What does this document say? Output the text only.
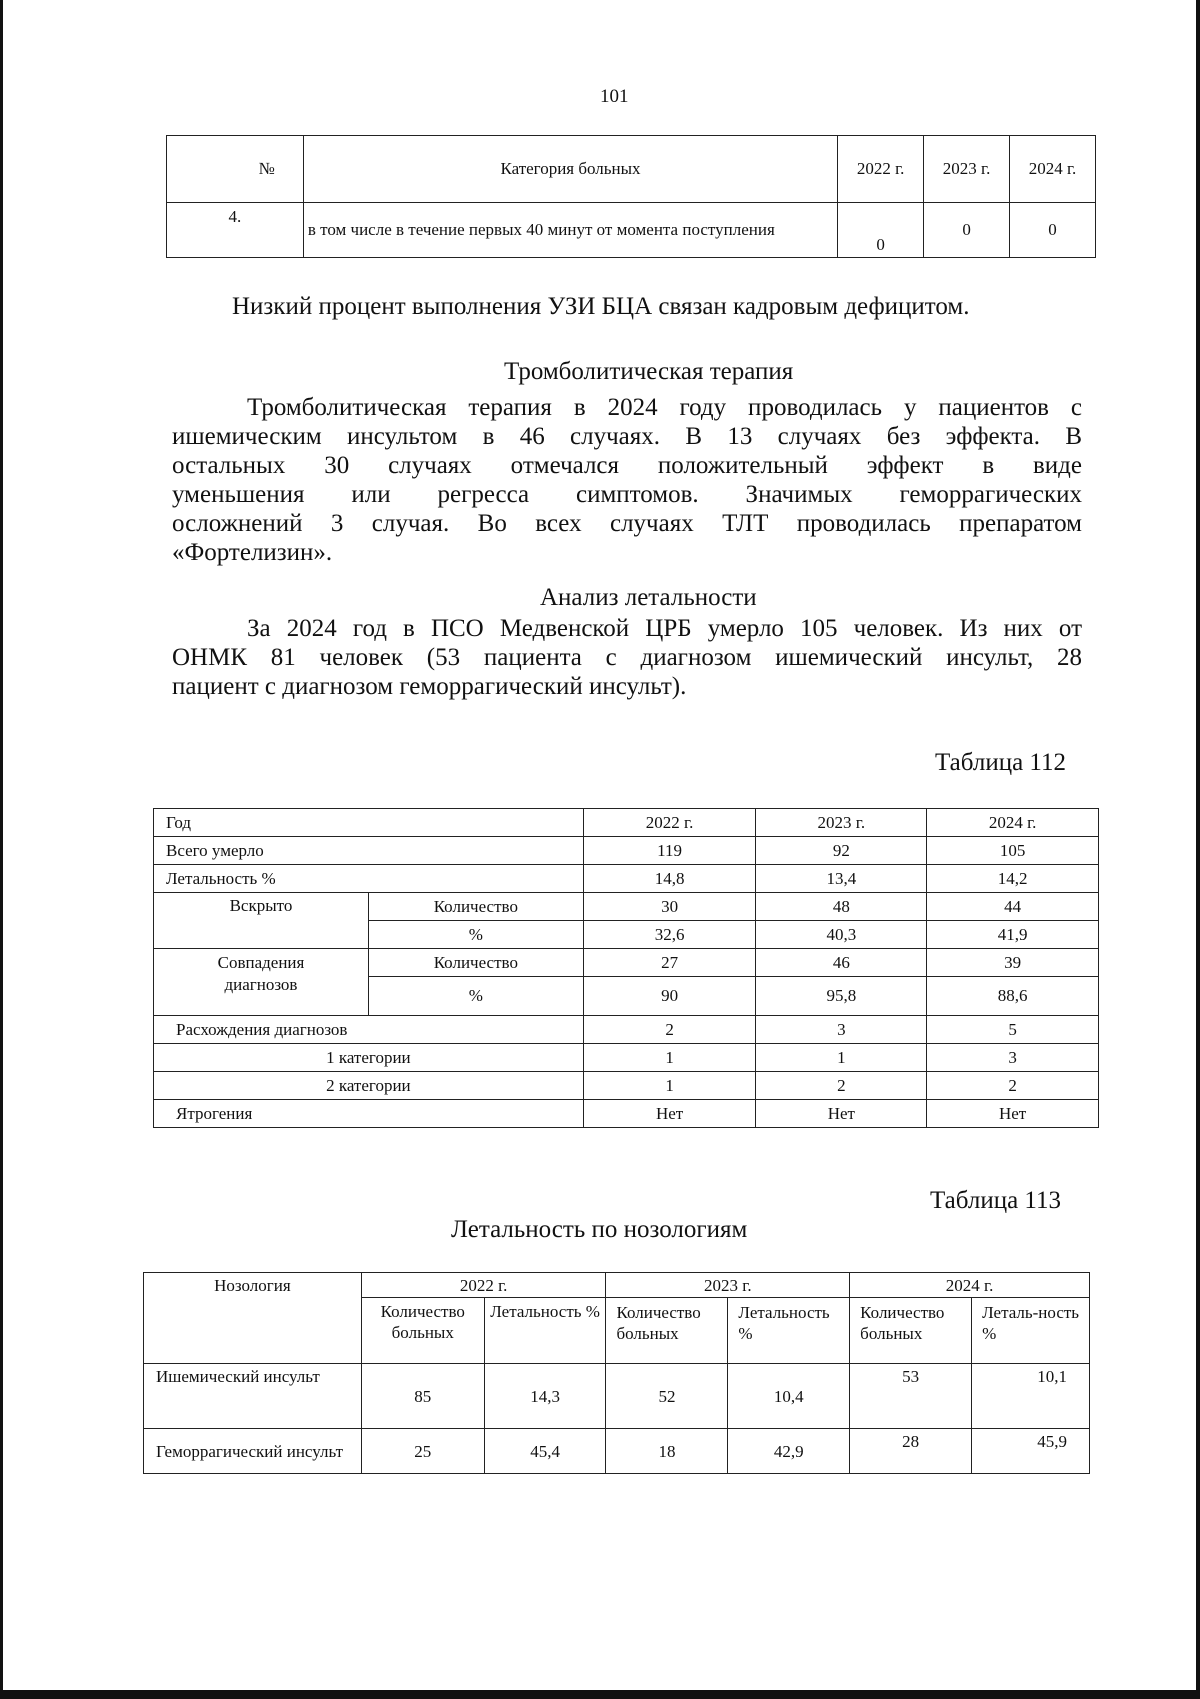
101
№	Категория больных	2022 г.	2023 г.	2024 г.
4.	в том числе в течение первых 40 минут от момента поступления	0	0	0
Низкий процент выполнения УЗИ БЦА связан кадровым дефицитом.
Тромболитическая терапия
Тромболитическая терапия в 2024 году проводилась у пациентов с
ишемическим инсультом в 46 случаях. В 13 случаях без эффекта. В
остальных 30 случаях отмечался положительный эффект в виде
уменьшения или регресса симптомов. Значимых геморрагических
осложнений 3 случая. Во всех случаях ТЛТ проводилась препаратом
«Фортелизин».
Анализ летальности
За 2024 год в ПСО Медвенской ЦРБ умерло 105 человек. Из них от
ОНМК 81 человек (53 пациента с диагнозом ишемический инсульт, 28
пациент с диагнозом геморрагический инсульт).
Таблица 112
Год		2022 г.	2023 г.	2024 г.
Всего умерло		119	92	105
Летальность %		14,8	13,4	14,2
Вскрыто	Количество	30	48	44
	%	32,6	40,3	41,9
Совпадения диагнозов	Количество	27	46	39
	%	90	95,8	88,6
Расхождения диагнозов		2	3	5
1 категории		1	1	3
2 категории		1	2	2
Ятрогения		Нет	Нет	Нет
Таблица 113
Летальность по нозологиям
Нозология	2022 г.		2023 г.		2024 г.	
	Количество больных	Летальность %	Количество больных	Летальность %	Количество больных	Леталь-ность %
Ишемический инсульт	85	14,3	52	10,4	53	10,1
Геморрагический инсульт	25	45,4	18	42,9	28	45,9
